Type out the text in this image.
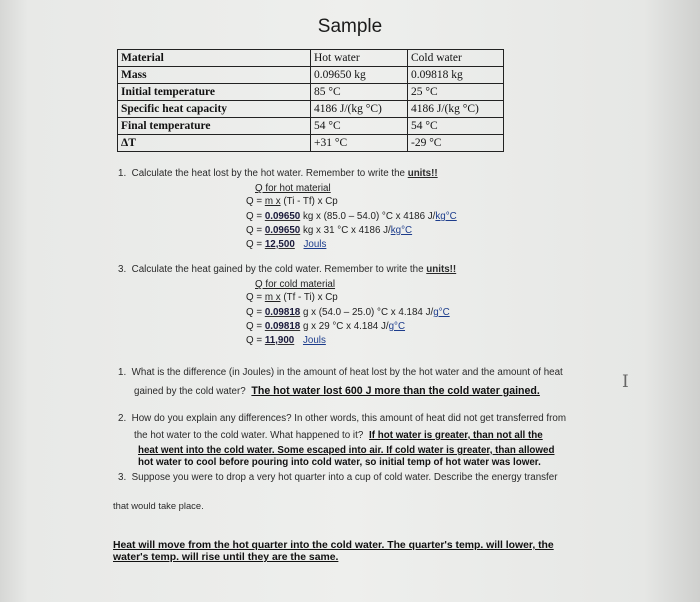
Sample
Material	Hot water	Cold water
Mass	0.09650 kg	0.09818 kg
Initial temperature	85 °C	25 °C
Specific heat capacity	4186 J/(kg °C)	4186 J/(kg °C)
Final temperature	54 °C	54 °C
ΔT	+31 °C	-29 °C
1. Calculate the heat lost by the hot water. Remember to write the units!!
Q for hot material
Q = m x (Ti - Tf) x Cp
Q = 0.09650 kg x (85.0 – 54.0) °C x 4186 J/kg°C
Q = 0.09650 kg x 31 °C x 4186 J/kg°C
Q = 12,500 Jouls
3. Calculate the heat gained by the cold water. Remember to write the units!!
Q for cold material
Q = m x (Tf - Ti) x Cp
Q = 0.09818 g x (54.0 – 25.0) °C x 4.184 J/g°C
Q = 0.09818 g x 29 °C x 4.184 J/g°C
Q = 11,900 Jouls
1. What is the difference (in Joules) in the amount of heat lost by the hot water and the amount of heat
gained by the cold water? The hot water lost 600 J more than the cold water gained.
2. How do you explain any differences? In other words, this amount of heat did not get transferred from
the hot water to the cold water. What happened to it? If hot water is greater, than not all the
heat went into the cold water. Some escaped into air. If cold water is greater, than allowed
hot water to cool before pouring into cold water, so initial temp of hot water was lower.
3. Suppose you were to drop a very hot quarter into a cup of cold water. Describe the energy transfer
that would take place.
Heat will move from the hot quarter into the cold water. The quarter's temp. will lower, the
water's temp. will rise until they are the same.
I
